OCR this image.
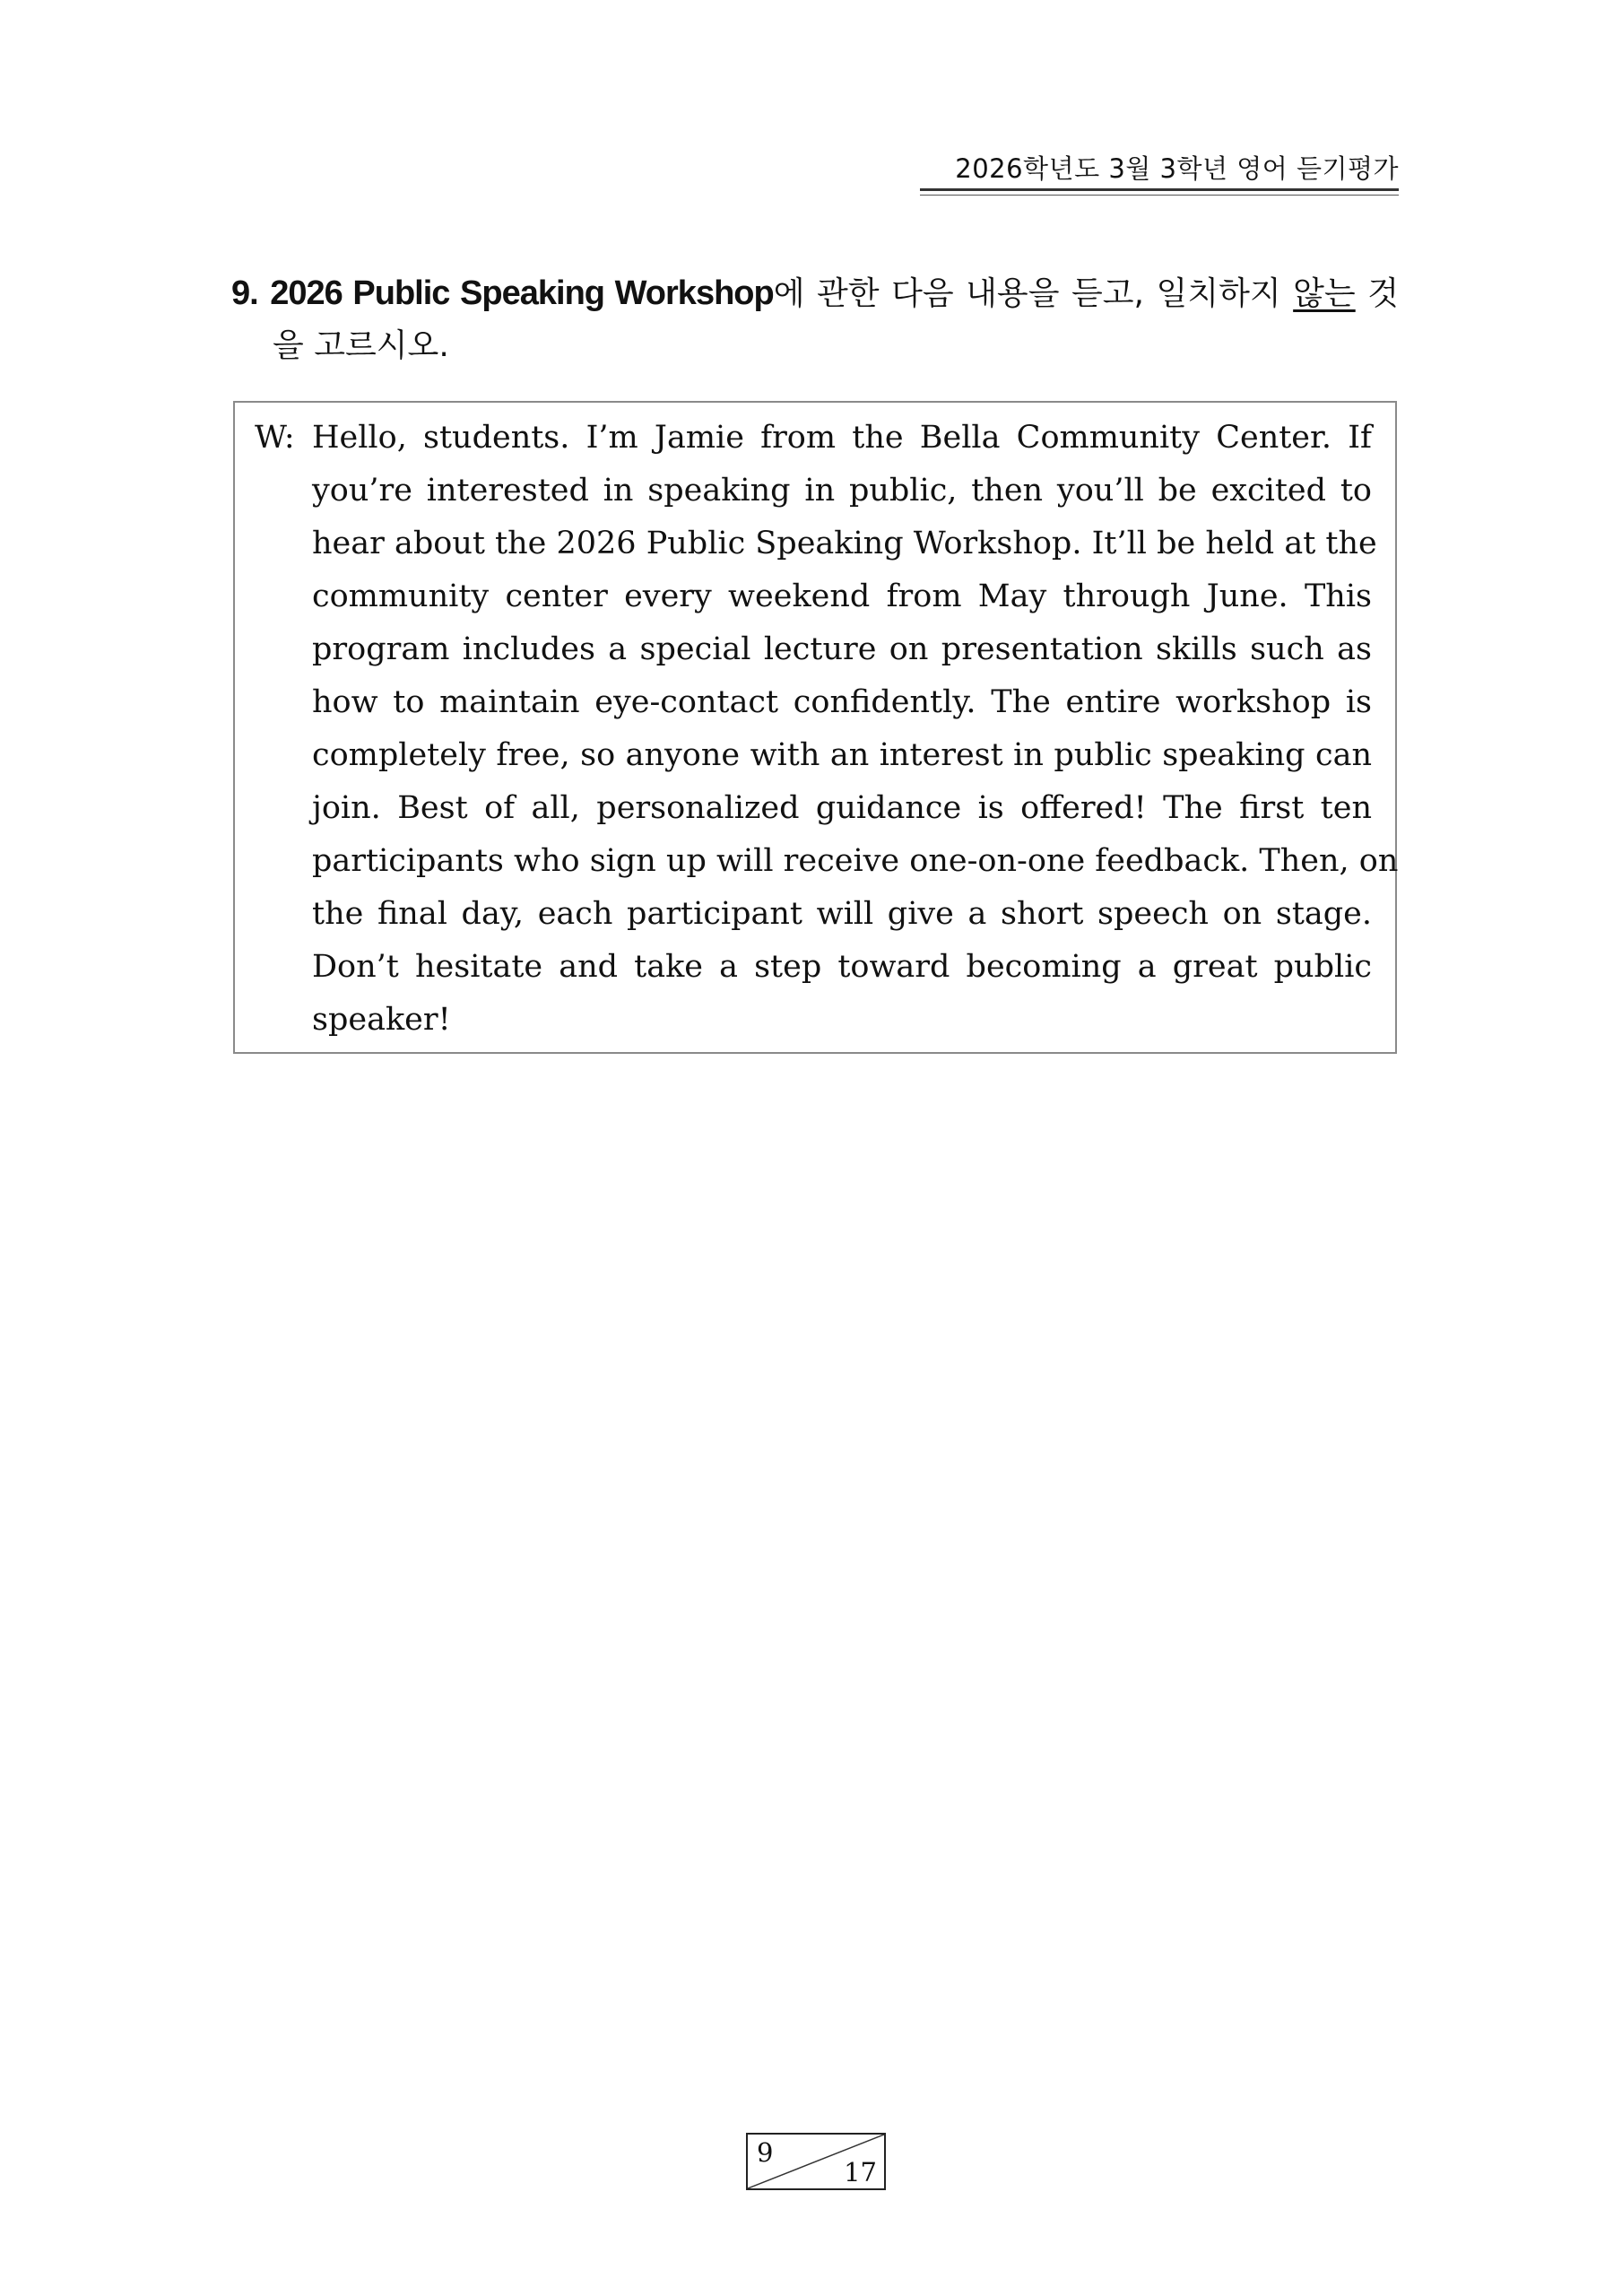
2026학년도 3월 3학년 영어 듣기평가
9. 2026 Public Speaking Workshop에 관한 다음 내용을 듣고, 일치하지 않는 것
을 고르시오.
W: Hello, students. I’m Jamie from the Bella Community Center. If
you’re interested in speaking in public, then you’ll be excited to
hear about the 2026 Public Speaking Workshop. It’ll be held at the
community center every weekend from May through June. This
program includes a special lecture on presentation skills such as
how to maintain eye-contact confidently. The entire workshop is
completely free, so anyone with an interest in public speaking can
join. Best of all, personalized guidance is offered! The first ten
participants who sign up will receive one-on-one feedback. Then, on
the final day, each participant will give a short speech on stage.
Don’t hesitate and take a step toward becoming a great public
speaker!
9
17
